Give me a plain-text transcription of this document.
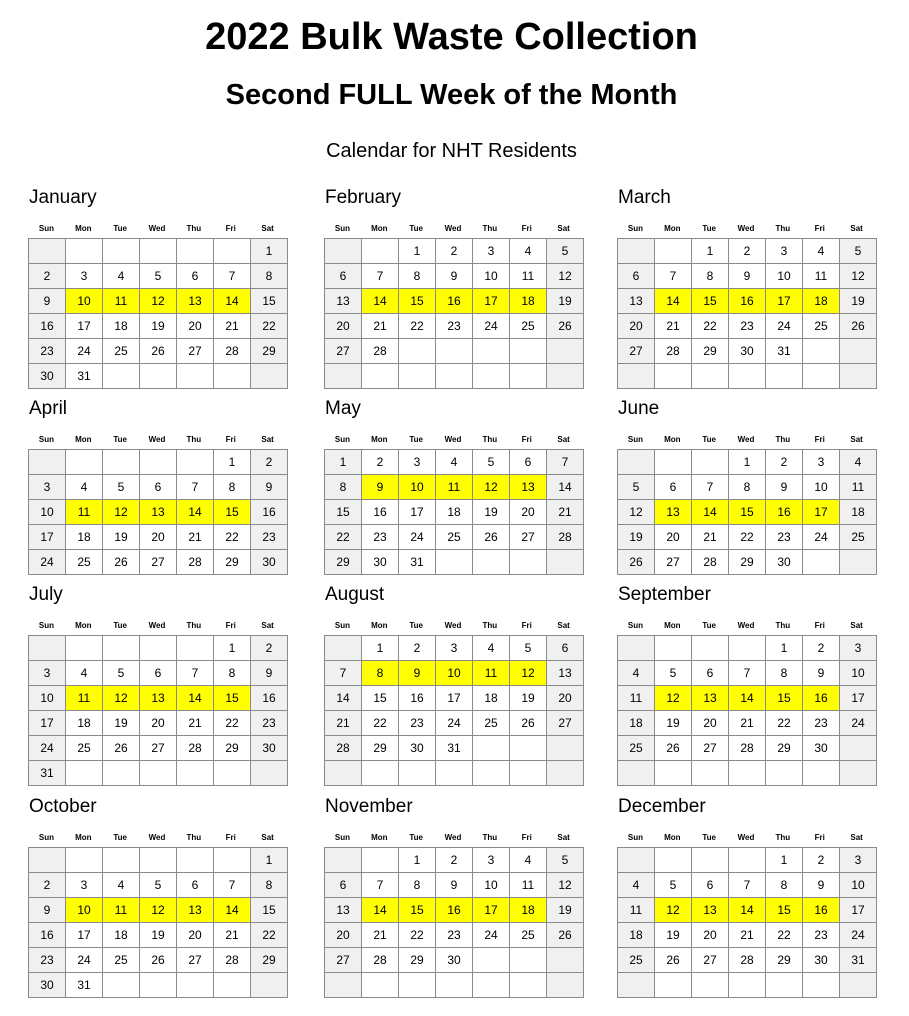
2022 Bulk Waste Collection
Second FULL Week of the Month
Calendar for NHT Residents
January
Sun	Mon	Tue	Wed	Thu	Fri	Sat
						1
2	3	4	5	6	7	8
9	10	11	12	13	14	15
16	17	18	19	20	21	22
23	24	25	26	27	28	29
30	31					
February
Sun	Mon	Tue	Wed	Thu	Fri	Sat
		1	2	3	4	5
6	7	8	9	10	11	12
13	14	15	16	17	18	19
20	21	22	23	24	25	26
27	28					

March
Sun	Mon	Tue	Wed	Thu	Fri	Sat
		1	2	3	4	5
6	7	8	9	10	11	12
13	14	15	16	17	18	19
20	21	22	23	24	25	26
27	28	29	30	31		

April
Sun	Mon	Tue	Wed	Thu	Fri	Sat
					1	2
3	4	5	6	7	8	9
10	11	12	13	14	15	16
17	18	19	20	21	22	23
24	25	26	27	28	29	30
May
Sun	Mon	Tue	Wed	Thu	Fri	Sat
1	2	3	4	5	6	7
8	9	10	11	12	13	14
15	16	17	18	19	20	21
22	23	24	25	26	27	28
29	30	31				
June
Sun	Mon	Tue	Wed	Thu	Fri	Sat
			1	2	3	4
5	6	7	8	9	10	11
12	13	14	15	16	17	18
19	20	21	22	23	24	25
26	27	28	29	30		
July
Sun	Mon	Tue	Wed	Thu	Fri	Sat
					1	2
3	4	5	6	7	8	9
10	11	12	13	14	15	16
17	18	19	20	21	22	23
24	25	26	27	28	29	30
31						
August
Sun	Mon	Tue	Wed	Thu	Fri	Sat
	1	2	3	4	5	6
7	8	9	10	11	12	13
14	15	16	17	18	19	20
21	22	23	24	25	26	27
28	29	30	31			

September
Sun	Mon	Tue	Wed	Thu	Fri	Sat
				1	2	3
4	5	6	7	8	9	10
11	12	13	14	15	16	17
18	19	20	21	22	23	24
25	26	27	28	29	30	

October
Sun	Mon	Tue	Wed	Thu	Fri	Sat
						1
2	3	4	5	6	7	8
9	10	11	12	13	14	15
16	17	18	19	20	21	22
23	24	25	26	27	28	29
30	31					
November
Sun	Mon	Tue	Wed	Thu	Fri	Sat
		1	2	3	4	5
6	7	8	9	10	11	12
13	14	15	16	17	18	19
20	21	22	23	24	25	26
27	28	29	30			

December
Sun	Mon	Tue	Wed	Thu	Fri	Sat
				1	2	3
4	5	6	7	8	9	10
11	12	13	14	15	16	17
18	19	20	21	22	23	24
25	26	27	28	29	30	31
